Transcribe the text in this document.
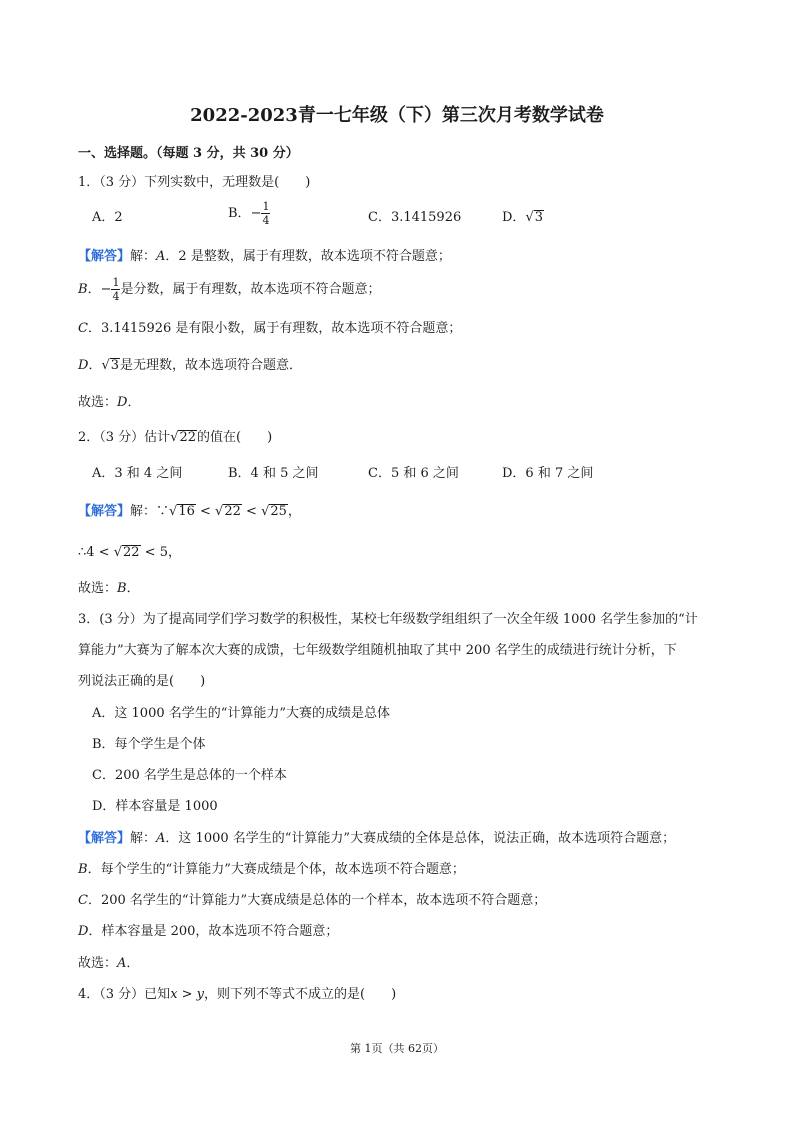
2022-2023青一七年级（下）第三次月考数学试卷
一、选择题。（每题 3 分，共 30 分）
1．（3 分）下列实数中，无理数是(　　)
A．2	B．− $\frac{1}{4}$	C．3.1415926	D．√3
【解答】解：A．2 是整数，属于有理数，故本选项不符合题意；
B．− $\frac{1}{4}$ 是分数，属于有理数，故本选项不符合题意；
C．3.1415926 是有限小数，属于有理数，故本选项不符合题意；
D．√3是无理数，故本选项符合题意．
故选：D．
2．（3 分）估计√22的值在(　　)
A．3 和 4 之间	B．4 和 5 之间	C．5 和 6 之间	D．6 和 7 之间
【解答】解：∵√16 < √22 < √25，
∴4 < √22 < 5，
故选：B．
3．(3 分）为了提高同学们学习数学的积极性，某校七年级数学组组织了一次全年级 1000 名学生参加的“计
算能力”大赛为了解本次大赛的成馈，七年级数学组随机抽取了其中 200 名学生的成绩进行统计分析，下
列说法正确的是(　　)
A．这 1000 名学生的“计算能力”大赛的成绩是总体
B．每个学生是个体
C．200 名学生是总体的一个样本
D．样本容量是 1000
【解答】解：A．这 1000 名学生的“计算能力”大赛成绩的全体是总体，说法正确，故本选项符合题意；
B．每个学生的“计算能力”大赛成绩是个体，故本选项不符合题意；
C．200 名学生的“计算能力”大赛成绩是总体的一个样本，故本选项不符合题意；
D．样本容量是 200，故本选项不符合题意；
故选：A．
4．（3 分）已知x > y，则下列不等式不成立的是(　　)
第 1页（共 62页）
